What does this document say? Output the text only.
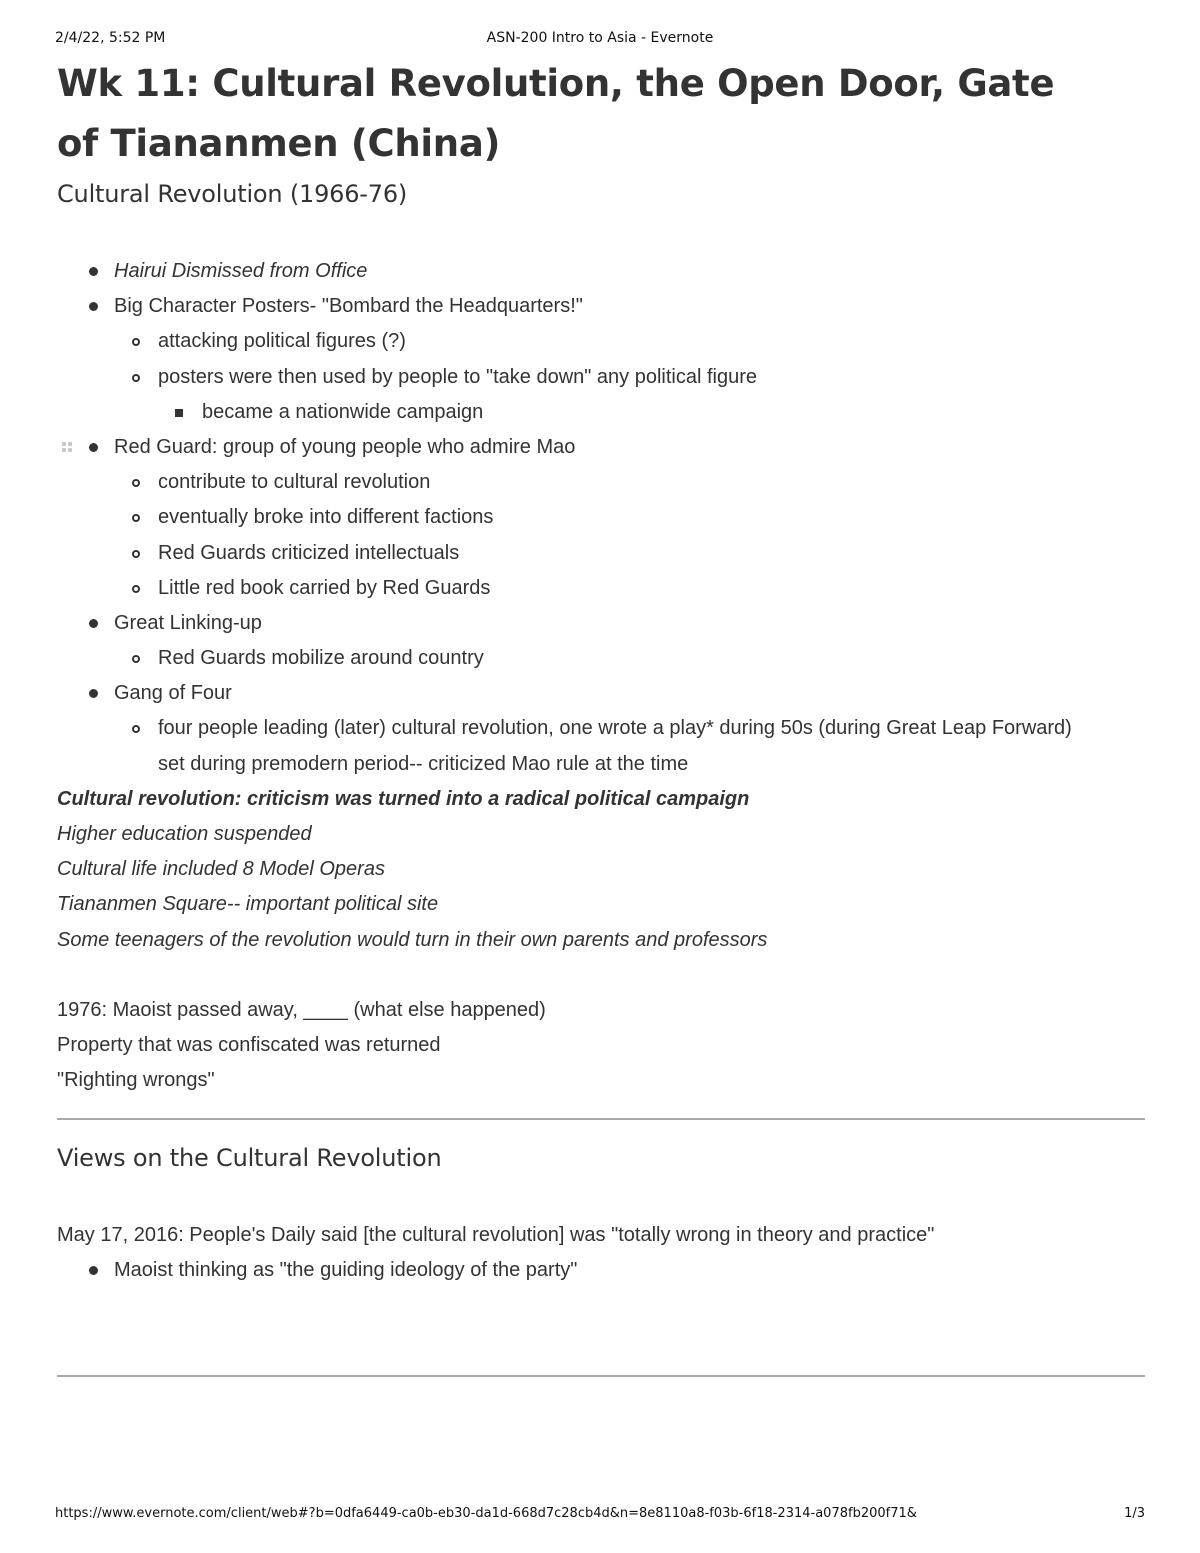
2/4/22, 5:52 PM	ASN-200 Intro to Asia - Evernote
Wk 11: Cultural Revolution, the Open Door, Gate of Tiananmen (China)
Cultural Revolution (1966-76)
Hairui Dismissed from Office
Big Character Posters- "Bombard the Headquarters!"
attacking political figures (?)
posters were then used by people to "take down" any political figure
became a nationwide campaign
Red Guard: group of young people who admire Mao
contribute to cultural revolution
eventually broke into different factions
Red Guards criticized intellectuals
Little red book carried by Red Guards
Great Linking-up
Red Guards mobilize around country
Gang of Four
four people leading (later) cultural revolution, one wrote a play* during 50s (during Great Leap Forward) set during premodern period-- criticized Mao rule at the time
Cultural revolution: criticism was turned into a radical political campaign
Higher education suspended
Cultural life included 8 Model Operas
Tiananmen Square-- important political site
Some teenagers of the revolution would turn in their own parents and professors
1976: Maoist passed away, ____ (what else happened)
Property that was confiscated was returned
"Righting wrongs"
Views on the Cultural Revolution
May 17, 2016: People's Daily said [the cultural revolution] was "totally wrong in theory and practice"
Maoist thinking as "the guiding ideology of the party"
https://www.evernote.com/client/web#?b=0dfa6449-ca0b-eb30-da1d-668d7c28cb4d&n=8e8110a8-f03b-6f18-2314-a078fb200f71&	1/3
